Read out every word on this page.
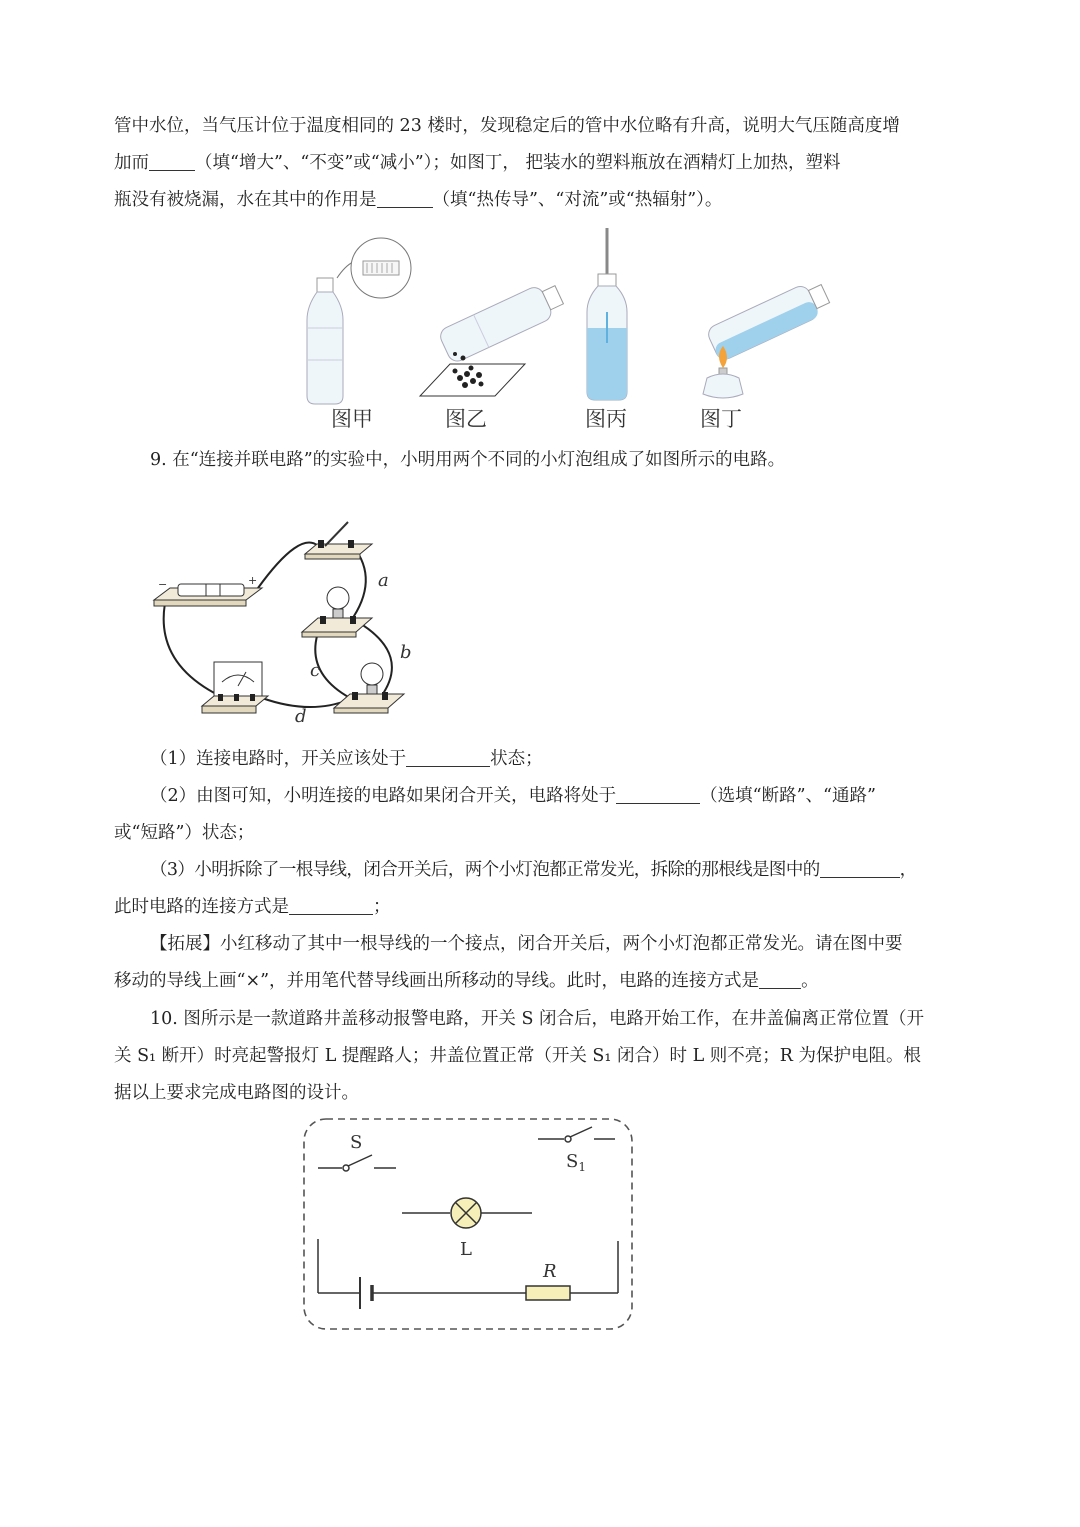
管中水位，当气压计位于温度相同的 23 楼时，发现稳定后的管中水位略有升高，说明大气压随高度增

加而	（填“增大”、“不变”或“减小”）；如图丁， 把装水的塑料瓶放在酒精灯上加热，塑料

瓶没有被烧漏，水在其中的作用是	（填“热传导”、“对流”或“热辐射”）。

图甲	图乙	图丙	图丁

9. 在“连接并联电路”的实验中，小明用两个不同的小灯泡组成了如图所示的电路。

−	+	a
b
c
d

（1）连接电路时，开关应该处于	状态；

（2）由图可知，小明连接的电路如果闭合开关，电路将处于	（选填“断路”、“通路”

或“短路”）状态；

（3）小明拆除了一根导线，闭合开关后，两个小灯泡都正常发光，拆除的那根线是图中的	，

此时电路的连接方式是	；

【拓展】小红移动了其中一根导线的一个接点，闭合开关后，两个小灯泡都正常发光。请在图中要

移动的导线上画“×”，并用笔代替导线画出所移动的导线。此时，电路的连接方式是 。

10. 图所示是一款道路井盖移动报警电路，开关 S 闭合后，电路开始工作，在井盖偏离正常位置（开

关 S₁ 断开）时亮起警报灯 L 提醒路人；井盖位置正常（开关 S₁ 闭合）时 L 则不亮；R 为保护电阻。根

据以上要求完成电路图的设计。

S
$S_1$
L
R
